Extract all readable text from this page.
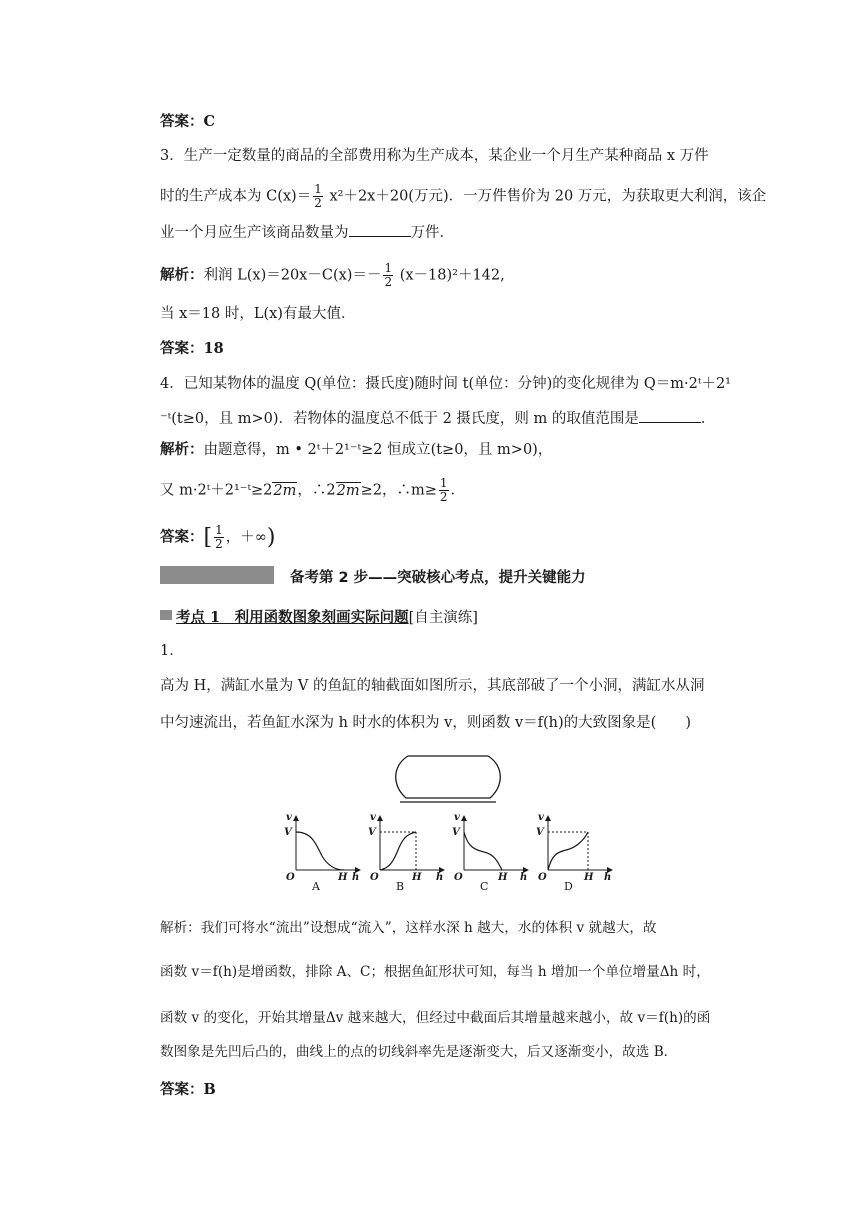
答案：C
3．生产一定数量的商品的全部费用称为生产成本，某企业一个月生产某种商品 x 万件
时的生产成本为 $C(x)= \frac{1}{2} x^2+2x+20$(万元)．一万件售价为 20 万元，为获取更大利润，该企
业一个月应生产该商品数量为	万件．
解析：利润 $L(x)=20x-C(x)=- \frac{1}{2} (x-18)^2+142$,
当 x＝18 时，L(x)有最大值．
答案：18
4．已知某物体的温度 Q(单位：摄氏度)随时间 t(单位：分钟)的变化规律为 Q＝m·2ᵗ＋2¹
⁻ᵗ(t≥0，且 m>0)．若物体的温度总不低于 2 摄氏度，则 m 的取值范围是	．
解析：由题意得，m • 2ᵗ＋2¹⁻ᵗ≥2 恒成立(t≥0，且 m>0)，
又 m·2ᵗ＋2¹⁻ᵗ≥22m，∴22m≥2，∴m≥ $\frac{1}{2}$ ．
答案：[ $\frac{1}{2}$ ，＋∞)
备考第 2 步——突破核心考点，提升关键能力
考点 1　利用函数图象刻画实际问题[自主演练]
1．
高为 H，满缸水量为 V 的鱼缸的轴截面如图所示，其底部破了一个小洞，满缸水从洞
中匀速流出，若鱼缸水深为 h 时水的体积为 v，则函数 v＝f(h)的大致图象是(　　)
v
V
O	H h
v
V
O	H h
v
V
O	H h
v
V
O	H h
A	B	C	D
解析：我们可将水“流出”设想成“流入”，这样水深 h 越大，水的体积 v 就越大，故
函数 v＝f(h)是增函数，排除 A、C；根据鱼缸形状可知，每当 h 增加一个单位增量Δh 时，
函数 v 的变化，开始其增量Δv 越来越大，但经过中截面后其增量越来越小，故 v＝f(h)的函
数图象是先凹后凸的，曲线上的点的切线斜率先是逐渐变大，后又逐渐变小，故选 B．
答案：B
